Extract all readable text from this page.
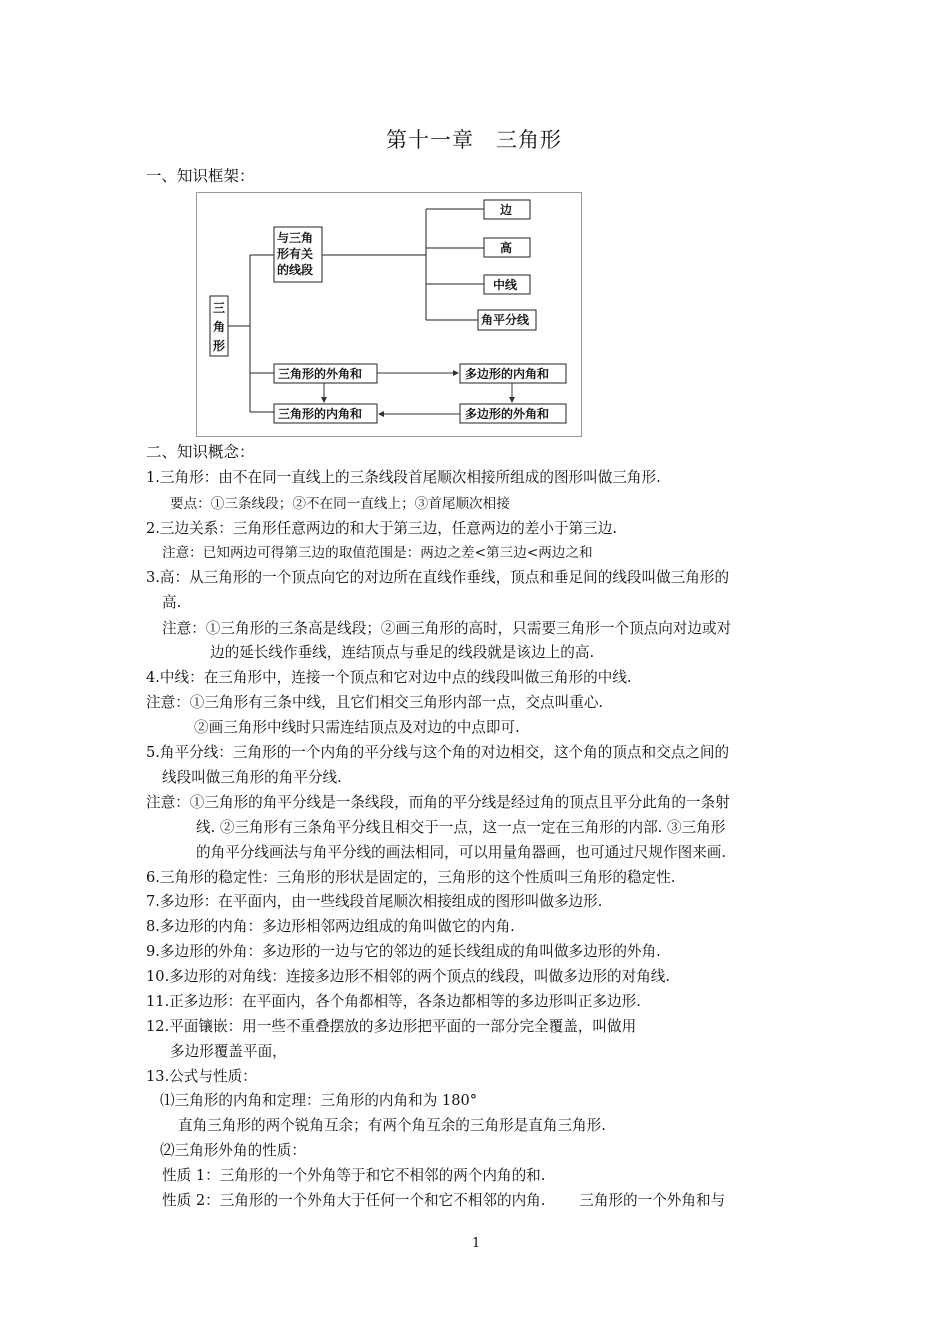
第十一章　三角形
一、知识框架：
三
角
形
与三角
形有关
的线段
边
高
中线
角平分线
三角形的外角和
三角形的内角和
多边形的内角和
多边形的外角和
二、知识概念：
1.三角形：由不在同一直线上的三条线段首尾顺次相接所组成的图形叫做三角形.
要点：①三条线段；②不在同一直线上；③首尾顺次相接
2.三边关系：三角形任意两边的和大于第三边，任意两边的差小于第三边.
注意：已知两边可得第三边的取值范围是：两边之差<第三边<两边之和
3.高：从三角形的一个顶点向它的对边所在直线作垂线，顶点和垂足间的线段叫做三角形的
高.
注意：①三角形的三条高是线段；②画三角形的高时，只需要三角形一个顶点向对边或对
边的延长线作垂线，连结顶点与垂足的线段就是该边上的高.
4.中线：在三角形中，连接一个顶点和它对边中点的线段叫做三角形的中线.
注意：①三角形有三条中线，且它们相交三角形内部一点，交点叫重心.
②画三角形中线时只需连结顶点及对边的中点即可.
5.角平分线：三角形的一个内角的平分线与这个角的对边相交，这个角的顶点和交点之间的
线段叫做三角形的角平分线.
注意：①三角形的角平分线是一条线段，而角的平分线是经过角的顶点且平分此角的一条射
线. ②三角形有三条角平分线且相交于一点，这一点一定在三角形的内部. ③三角形
的角平分线画法与角平分线的画法相同，可以用量角器画，也可通过尺规作图来画.
6.三角形的稳定性：三角形的形状是固定的，三角形的这个性质叫三角形的稳定性.
7.多边形：在平面内，由一些线段首尾顺次相接组成的图形叫做多边形.
8.多边形的内角：多边形相邻两边组成的角叫做它的内角.
9.多边形的外角：多边形的一边与它的邻边的延长线组成的角叫做多边形的外角.
10.多边形的对角线：连接多边形不相邻的两个顶点的线段，叫做多边形的对角线.
11.正多边形：在平面内，各个角都相等，各条边都相等的多边形叫正多边形.
12.平面镶嵌：用一些不重叠摆放的多边形把平面的一部分完全覆盖，叫做用
多边形覆盖平面，
13.公式与性质：
⑴三角形的内角和定理：三角形的内角和为 180°
直角三角形的两个锐角互余；有两个角互余的三角形是直角三角形.
⑵三角形外角的性质：
性质 1：三角形的一个外角等于和它不相邻的两个内角的和.
性质 2：三角形的一个外角大于任何一个和它不相邻的内角.　　 三角形的一个外角和与
1
